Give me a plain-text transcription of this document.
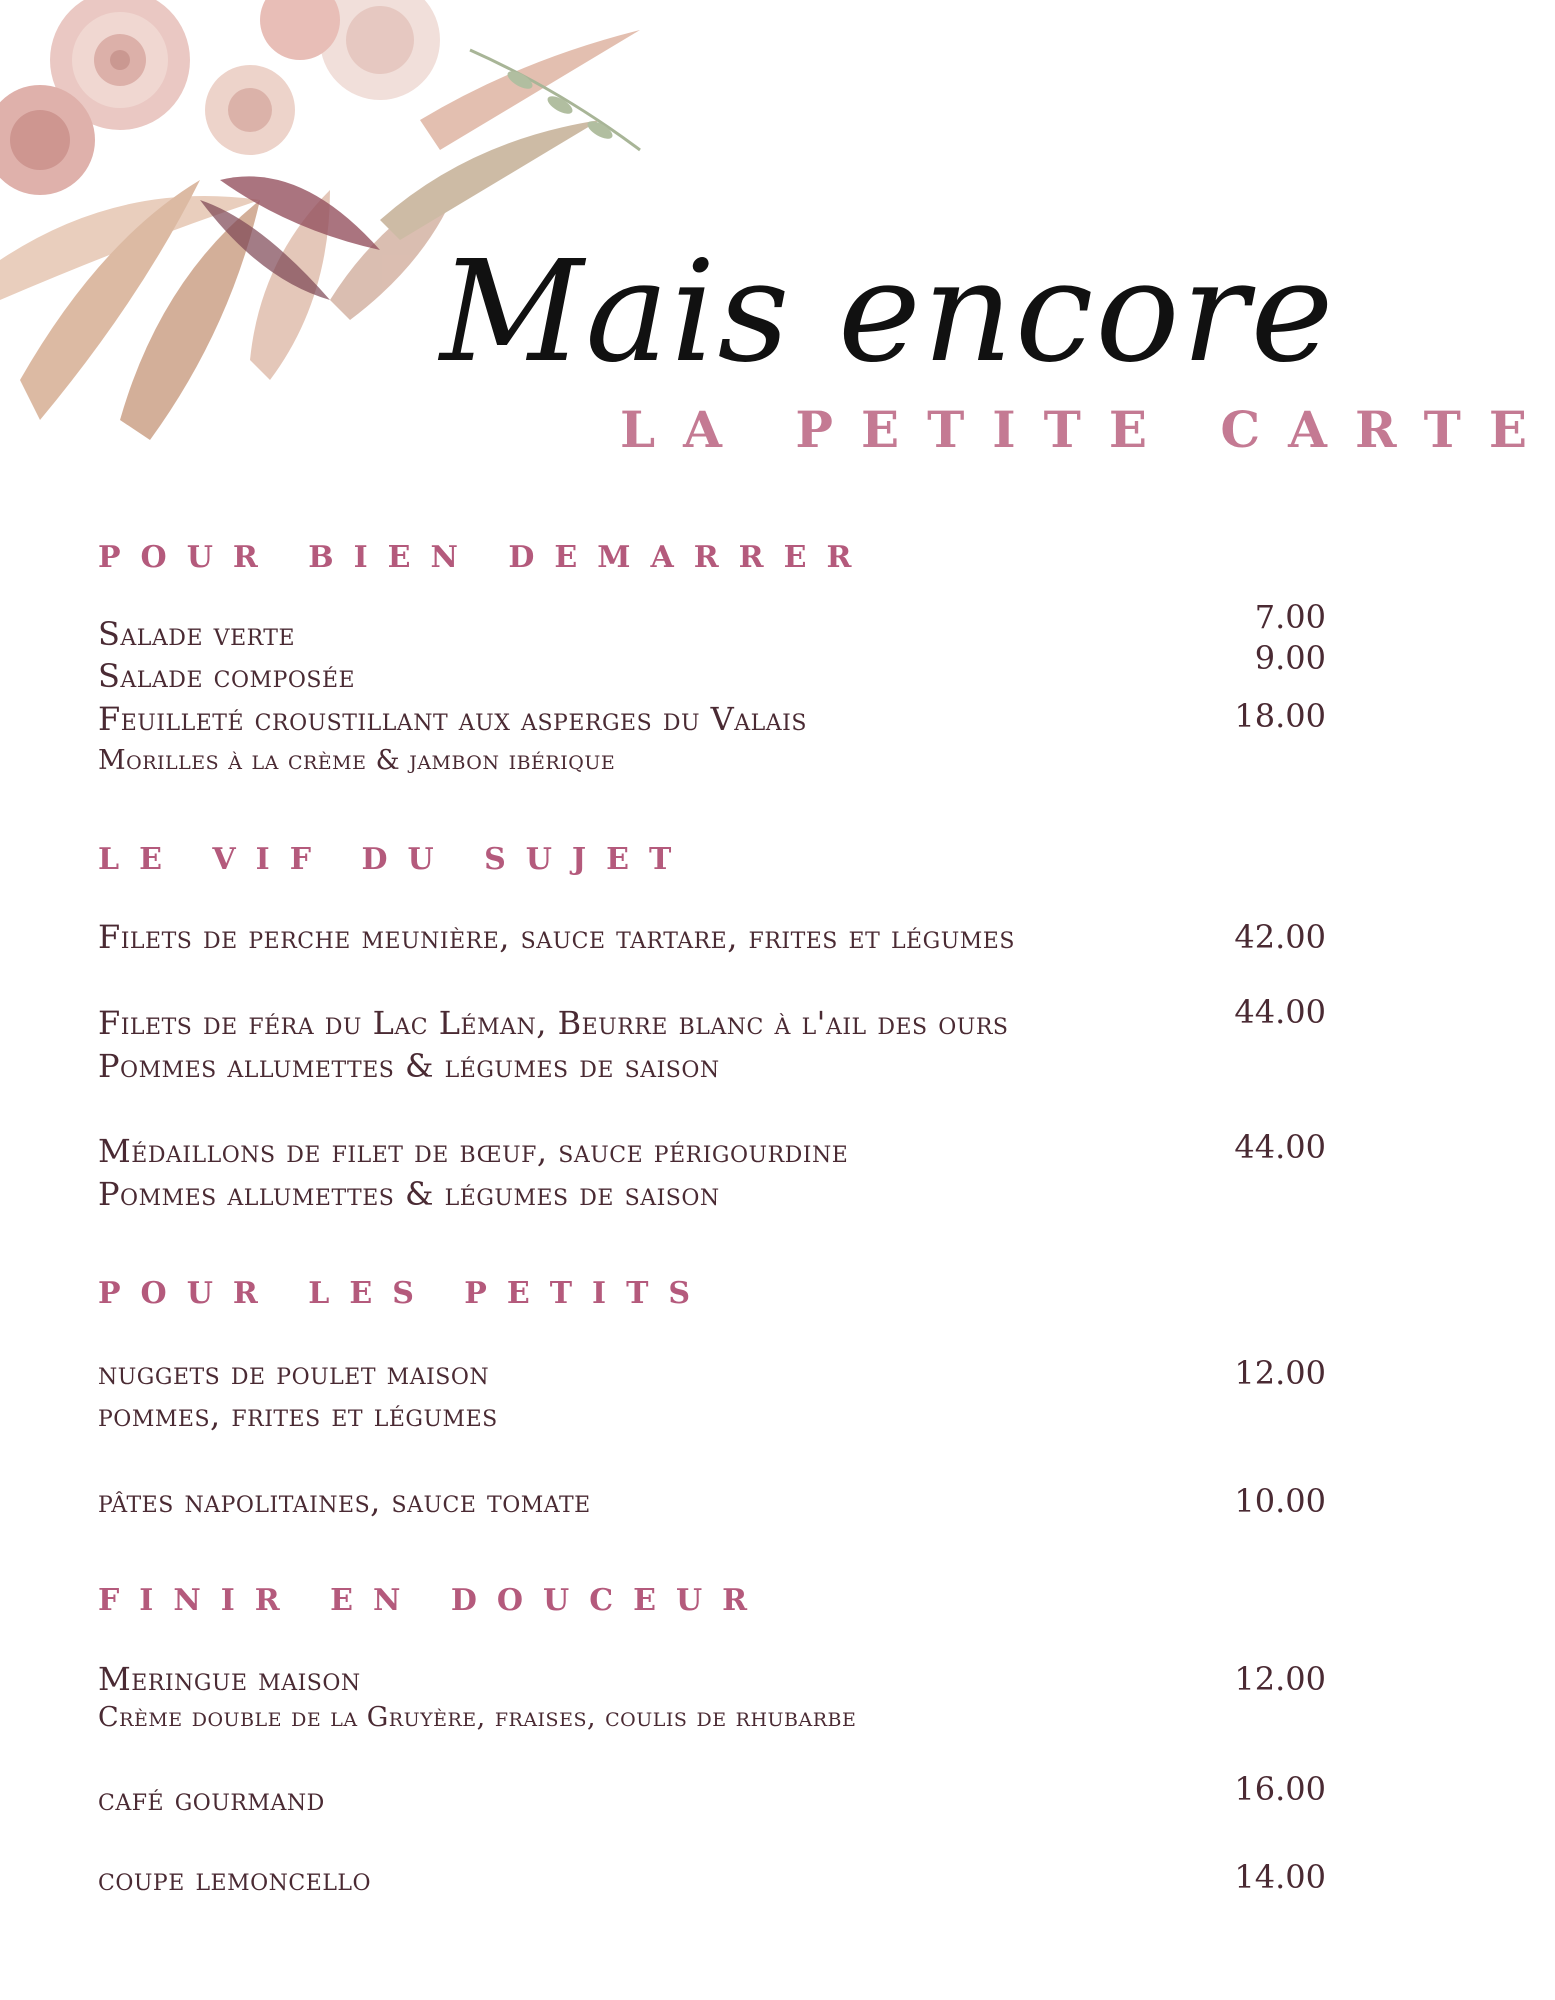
Mais encore
LA PETITE CARTE
POUR BIEN DEMARRER
Salade verte	7.00
Salade composée	9.00
Feuilleté croustillant aux asperges du Valais	18.00
Morilles à la crème & jambon ibérique
LE VIF DU SUJET
Filets de perche meunière, sauce tartare, frites et légumes	42.00
Filets de féra du Lac Léman, Beurre blanc à l'ail des ours	44.00
Pommes allumettes & légumes de saison
Médaillons de filet de bœuf, sauce périgourdine	44.00
Pommes allumettes & légumes de saison
POUR LES PETITS
nuggets de poulet maison	12.00
pommes, frites et légumes
pâtes napolitaines, sauce tomate	10.00
FINIR EN DOUCEUR
Meringue maison	12.00
Crème double de la Gruyère, fraises, coulis de rhubarbe
café gourmand	16.00
coupe lemoncello	14.00
